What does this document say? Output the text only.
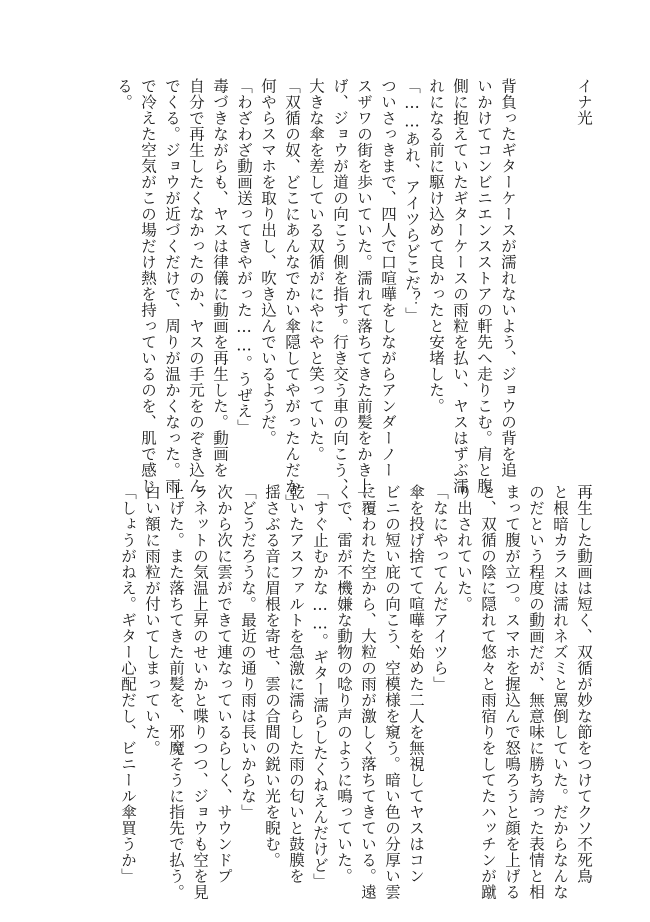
イナ光
背負ったギターケースが濡れないよう、ジョウの背を追
いかけてコンビニエンスストアの軒先へ走りこむ。肩と腹
側に抱えていたギターケースの雨粒を払い、ヤスはずぶ濡
れになる前に駆け込めて良かったと安堵した。
「……あれ、アイツらどこだ？」
ついさっきまで、四人で口喧嘩をしながらアンダーノー
スザワの街を歩いていた。濡れて落ちてきた前髪をかき上
げ、ジョウが道の向こう側を指す。行き交う車の向こう、
大きな傘を差している双循がにやにやと笑っていた。
「双循の奴、どこにあんなでかい傘隠してやがったんだか」
何やらスマホを取り出し、吹き込んでいるようだ。
「わざわざ動画送ってきやがった……。うぜえ」
毒づきながらも、ヤスは律儀に動画を再生した。動画を
自分で再生したくなかったのか、ヤスの手元をのぞき込ん
でくる。ジョウが近づくだけで、周りが温かくなった。雨
で冷えた空気がこの場だけ熱を持っているのを、肌で感じ
る。
再生した動画は短く、双循が妙な節をつけてクソ不死鳥
と根暗カラスは濡れネズミと罵倒していた。だからなんな
のだという程度の動画だが、無意味に勝ち誇った表情と相
まって腹が立つ。スマホを握込んで怒鳴ろうと顔を上げる
と、双循の陰に隠れて悠々と雨宿りをしてたハッチンが蹴
り出されていた。
「なにやってんだアイツら」
傘を投げ捨てて喧嘩を始めた二人を無視してヤスはコン
ビニの短い庇の向こう、空模様を窺う。暗い色の分厚い雲
に覆われた空から、大粒の雨が激しく落ちてきている。遠
くで、雷が不機嫌な動物の唸り声のように鳴っていた。
「すぐ止むかな……。ギター濡らしたくねえんだけど」
乾いたアスファルトを急激に濡らした雨の匂いと鼓膜を
揺さぶる音に眉根を寄せ、雲の合間の鋭い光を睨む。
「どうだろうな。最近の通り雨は長いからな」
次から次に雲ができて連なっているらしく、サウンドプ
ラネットの気温上昇のせいかと喋りつつ、ジョウも空を見
上げた。また落ちてきた前髪を、邪魔そうに指先で払う。
白い額に雨粒が付いてしまっていた。
「しょうがねえ。ギター心配だし、ビニール傘買うか」
